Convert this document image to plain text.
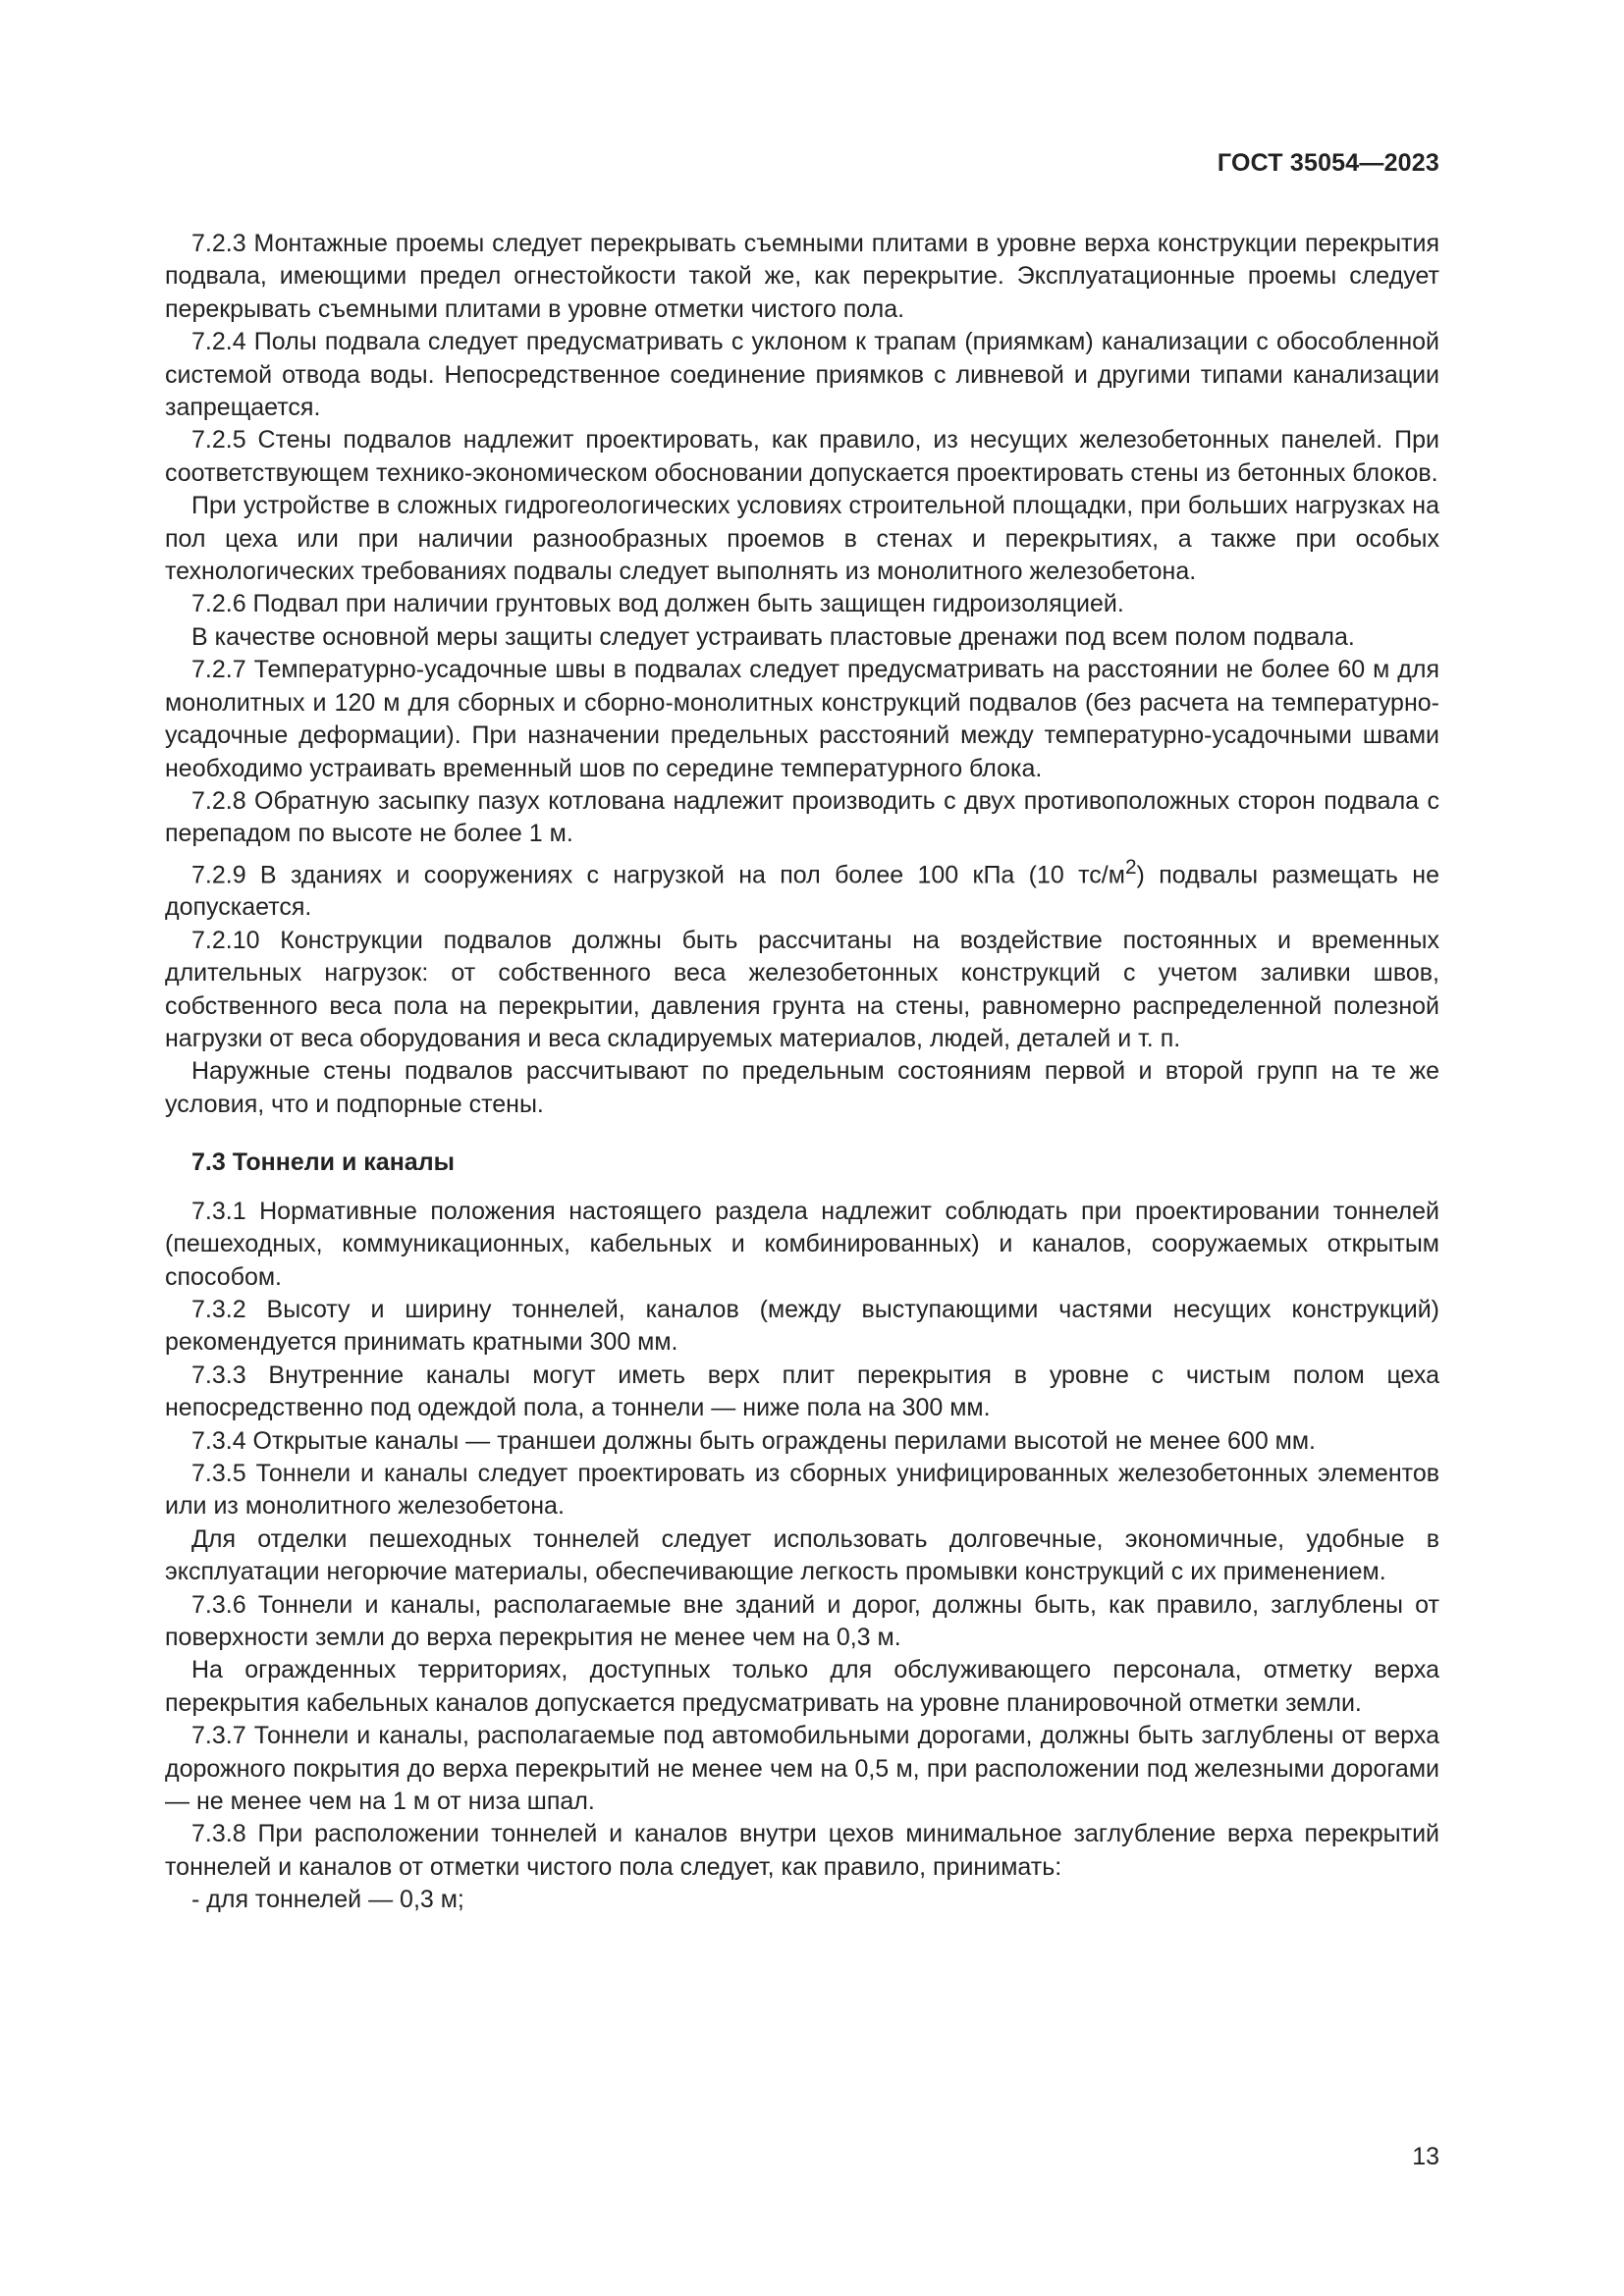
ГОСТ 35054—2023

7.2.3 Монтажные проемы следует перекрывать съемными плитами в уровне верха конструкции перекрытия подвала, имеющими предел огнестойкости такой же, как перекрытие. Эксплуатационные проемы следует перекрывать съемными плитами в уровне отметки чистого пола.

7.2.4 Полы подвала следует предусматривать с уклоном к трапам (приямкам) канализации с обособленной системой отвода воды. Непосредственное соединение приямков с ливневой и другими типами канализации запрещается.

7.2.5 Стены подвалов надлежит проектировать, как правило, из несущих железобетонных панелей. При соответствующем технико-экономическом обосновании допускается проектировать стены из бетонных блоков.

При устройстве в сложных гидрогеологических условиях строительной площадки, при больших нагрузках на пол цеха или при наличии разнообразных проемов в стенах и перекрытиях, а также при особых технологических требованиях подвалы следует выполнять из монолитного железобетона.

7.2.6 Подвал при наличии грунтовых вод должен быть защищен гидроизоляцией.

В качестве основной меры защиты следует устраивать пластовые дренажи под всем полом подвала.

7.2.7 Температурно-усадочные швы в подвалах следует предусматривать на расстоянии не более 60 м для монолитных и 120 м для сборных и сборно-монолитных конструкций подвалов (без расчета на температурно-усадочные деформации). При назначении предельных расстояний между температурно-усадочными швами необходимо устраивать временный шов по середине температурного блока.

7.2.8 Обратную засыпку пазух котлована надлежит производить с двух противоположных сторон подвала с перепадом по высоте не более 1 м.

7.2.9 В зданиях и сооружениях с нагрузкой на пол более 100 кПа (10 $тс/м^2$) подвалы размещать не допускается.

7.2.10 Конструкции подвалов должны быть рассчитаны на воздействие постоянных и временных длительных нагрузок: от собственного веса железобетонных конструкций с учетом заливки швов, собственного веса пола на перекрытии, давления грунта на стены, равномерно распределенной полезной нагрузки от веса оборудования и веса складируемых материалов, людей, деталей и т. п.

Наружные стены подвалов рассчитывают по предельным состояниям первой и второй групп на те же условия, что и подпорные стены.

7.3 Тоннели и каналы

7.3.1 Нормативные положения настоящего раздела надлежит соблюдать при проектировании тоннелей (пешеходных, коммуникационных, кабельных и комбинированных) и каналов, сооружаемых открытым способом.

7.3.2 Высоту и ширину тоннелей, каналов (между выступающими частями несущих конструкций) рекомендуется принимать кратными 300 мм.

7.3.3 Внутренние каналы могут иметь верх плит перекрытия в уровне с чистым полом цеха непосредственно под одеждой пола, а тоннели — ниже пола на 300 мм.

7.3.4 Открытые каналы — траншеи должны быть ограждены перилами высотой не менее 600 мм.

7.3.5 Тоннели и каналы следует проектировать из сборных унифицированных железобетонных элементов или из монолитного железобетона.

Для отделки пешеходных тоннелей следует использовать долговечные, экономичные, удобные в эксплуатации негорючие материалы, обеспечивающие легкость промывки конструкций с их применением.

7.3.6 Тоннели и каналы, располагаемые вне зданий и дорог, должны быть, как правило, заглублены от поверхности земли до верха перекрытия не менее чем на 0,3 м.

На огражденных территориях, доступных только для обслуживающего персонала, отметку верха перекрытия кабельных каналов допускается предусматривать на уровне планировочной отметки земли.

7.3.7 Тоннели и каналы, располагаемые под автомобильными дорогами, должны быть заглублены от верха дорожного покрытия до верха перекрытий не менее чем на 0,5 м, при расположении под железными дорогами — не менее чем на 1 м от низа шпал.

7.3.8 При расположении тоннелей и каналов внутри цехов минимальное заглубление верха перекрытий тоннелей и каналов от отметки чистого пола следует, как правило, принимать:

- для тоннелей — 0,3 м;

13
